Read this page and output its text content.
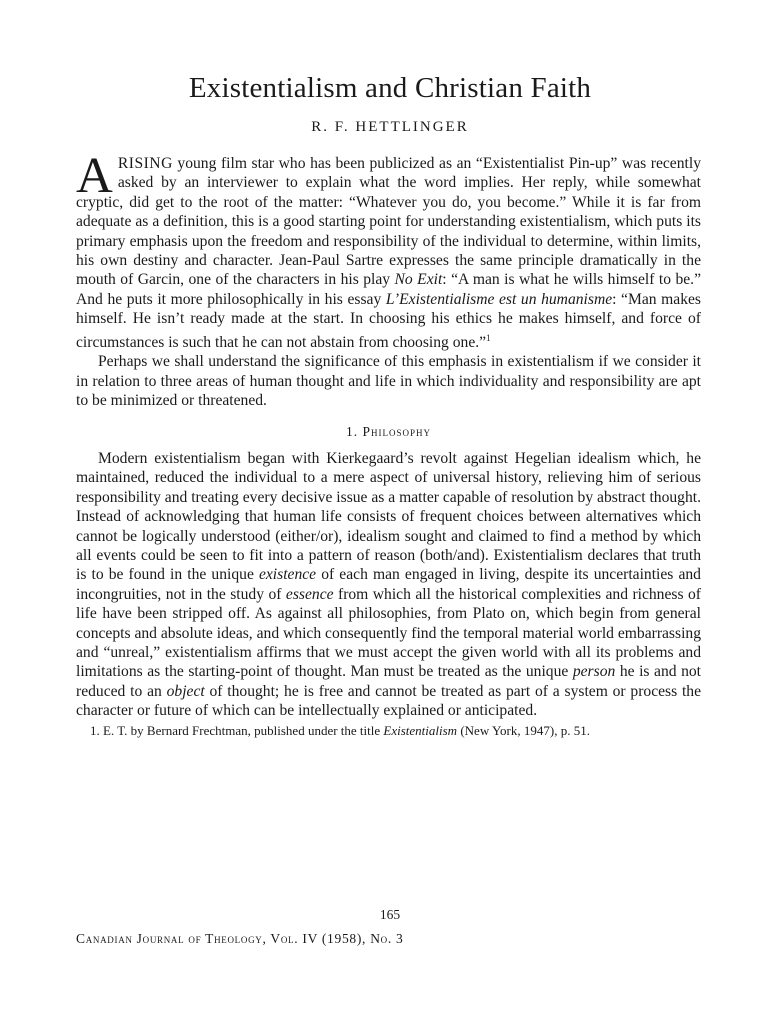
Existentialism and Christian Faith
R. F. HETTLINGER

ARISING young film star who has been publicized as an “Existentialist Pin-up” was recently asked by an interviewer to explain what the word implies. Her reply, while somewhat cryptic, did get to the root of the matter: “Whatever you do, you become.” While it is far from adequate as a definition, this is a good starting point for understanding existentialism, which puts its primary emphasis upon the freedom and responsibility of the individual to determine, within limits, his own destiny and character. Jean-Paul Sartre expresses the same principle dramatically in the mouth of Garcin, one of the characters in his play No Exit: “A man is what he wills himself to be.” And he puts it more philosophically in his essay L’Existentialisme est un humanisme: “Man makes himself. He isn’t ready made at the start. In choosing his ethics he makes himself, and force of circumstances is such that he can not abstain from choosing one.”$^1$

Perhaps we shall understand the significance of this emphasis in existentialism if we consider it in relation to three areas of human thought and life in which individuality and responsibility are apt to be minimized or threatened.

1. Philosophy

Modern existentialism began with Kierkegaard’s revolt against Hegelian idealism which, he maintained, reduced the individual to a mere aspect of universal history, relieving him of serious responsibility and treating every decisive issue as a matter capable of resolution by abstract thought. Instead of acknowledging that human life consists of frequent choices between alternatives which cannot be logically understood (either/or), idealism sought and claimed to find a method by which all events could be seen to fit into a pattern of reason (both/and). Existentialism declares that truth is to be found in the unique existence of each man engaged in living, despite its uncertainties and incongruities, not in the study of essence from which all the historical complexities and richness of life have been stripped off. As against all philosophies, from Plato on, which begin from general concepts and absolute ideas, and which consequently find the temporal material world embarrassing and “unreal,” existentialism affirms that we must accept the given world with all its problems and limitations as the starting-point of thought. Man must be treated as the unique person he is and not reduced to an object of thought; he is free and cannot be treated as part of a system or process the character or future of which can be intellectually explained or anticipated.

1. E. T. by Bernard Frechtman, published under the title Existentialism (New York, 1947), p. 51.

165
Canadian Journal of Theology, Vol. IV (1958), No. 3
